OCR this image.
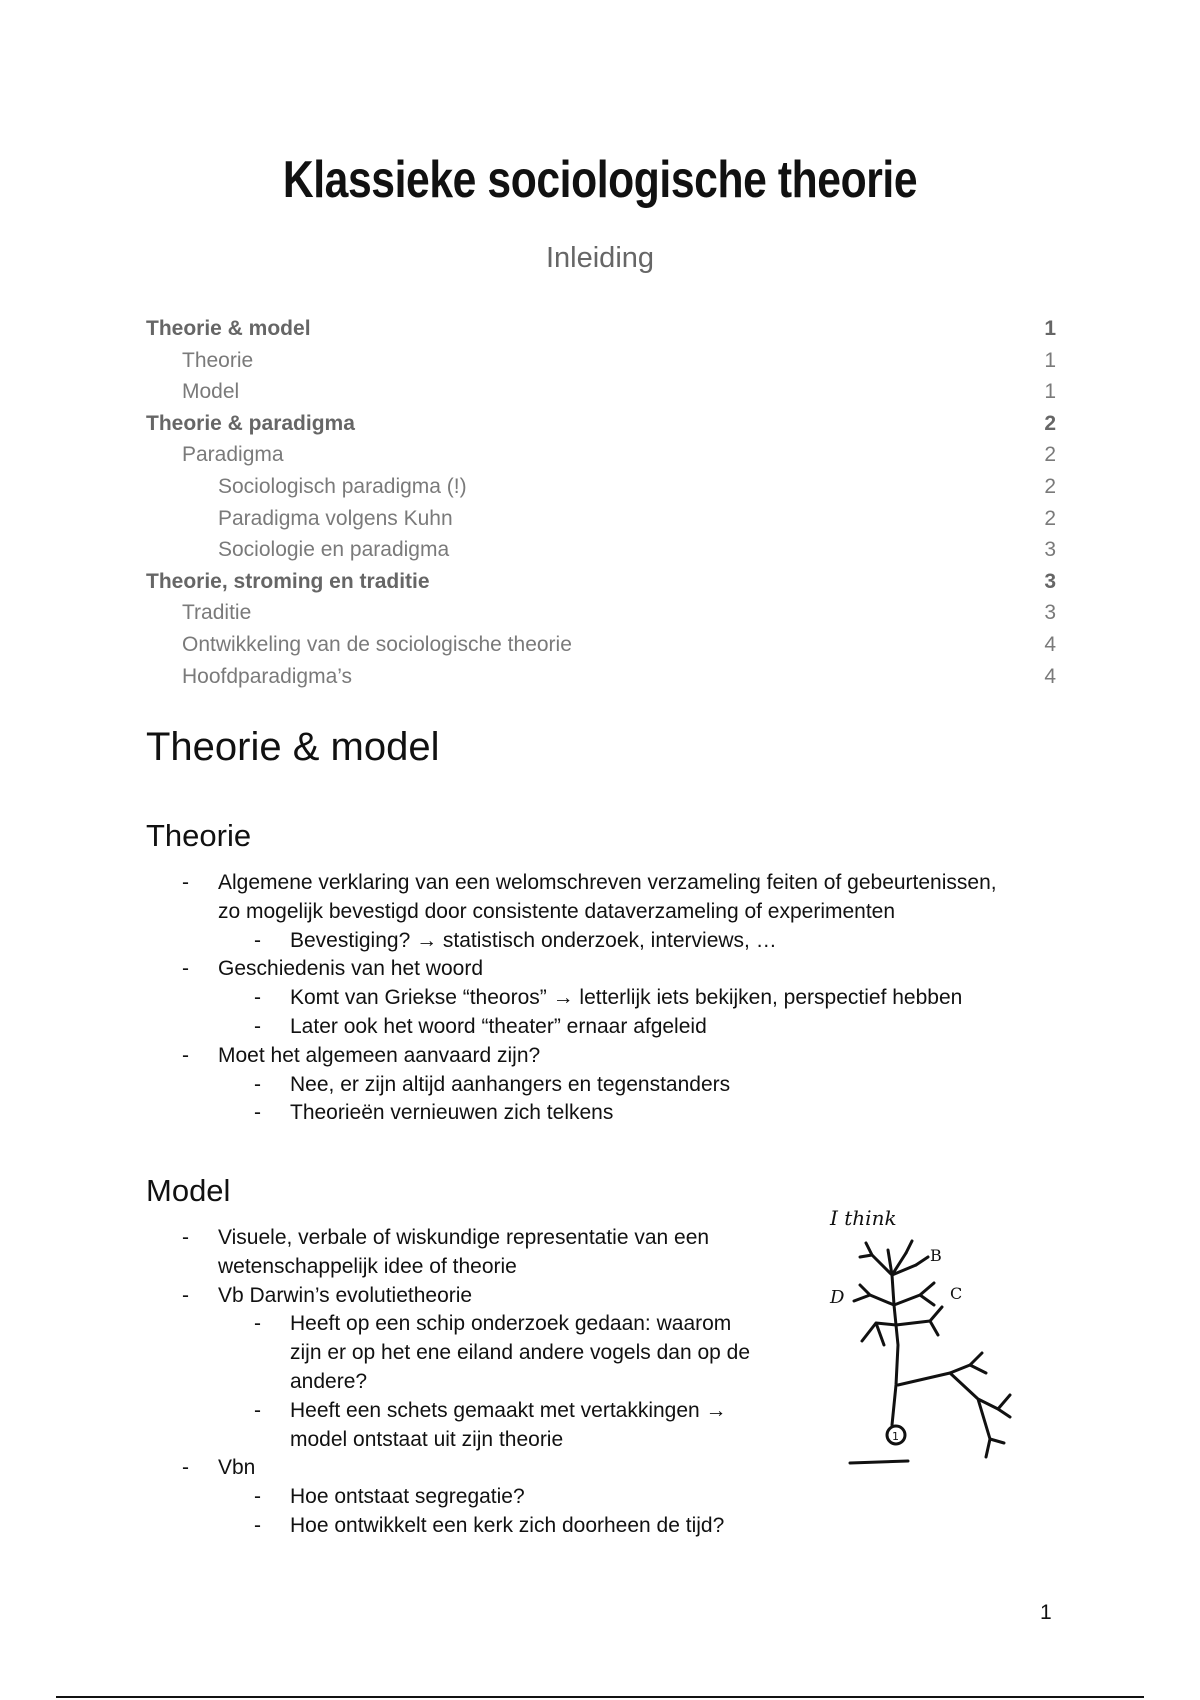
Klassieke sociologische theorie
Inleiding
Theorie & model	1
Theorie	1
Model	1
Theorie & paradigma	2
Paradigma	2
Sociologisch paradigma (!)	2
Paradigma volgens Kuhn	2
Sociologie en paradigma	3
Theorie, stroming en traditie	3
Traditie	3
Ontwikkeling van de sociologische theorie	4
Hoofdparadigma’s	4
Theorie & model
Theorie
- Algemene verklaring van een welomschreven verzameling feiten of gebeurtenissen,
zo mogelijk bevestigd door consistente dataverzameling of experimenten
- Bevestiging? → statistisch onderzoek, interviews, …
- Geschiedenis van het woord
- Komt van Griekse “theoros” → letterlijk iets bekijken, perspectief hebben
- Later ook het woord “theater” ernaar afgeleid
- Moet het algemeen aanvaard zijn?
- Nee, er zijn altijd aanhangers en tegenstanders
- Theorieën vernieuwen zich telkens
Model
- Visuele, verbale of wiskundige representatie van een
wetenschappelijk idee of theorie
- Vb Darwin’s evolutietheorie
- Heeft op een schip onderzoek gedaan: waarom
zijn er op het ene eiland andere vogels dan op de
andere?
- Heeft een schets gemaakt met vertakkingen →
model ontstaat uit zijn theorie
- Vbn
- Hoe ontstaat segregatie?
- Hoe ontwikkelt een kerk zich doorheen de tijd?
I think
B
C
D
1
1
